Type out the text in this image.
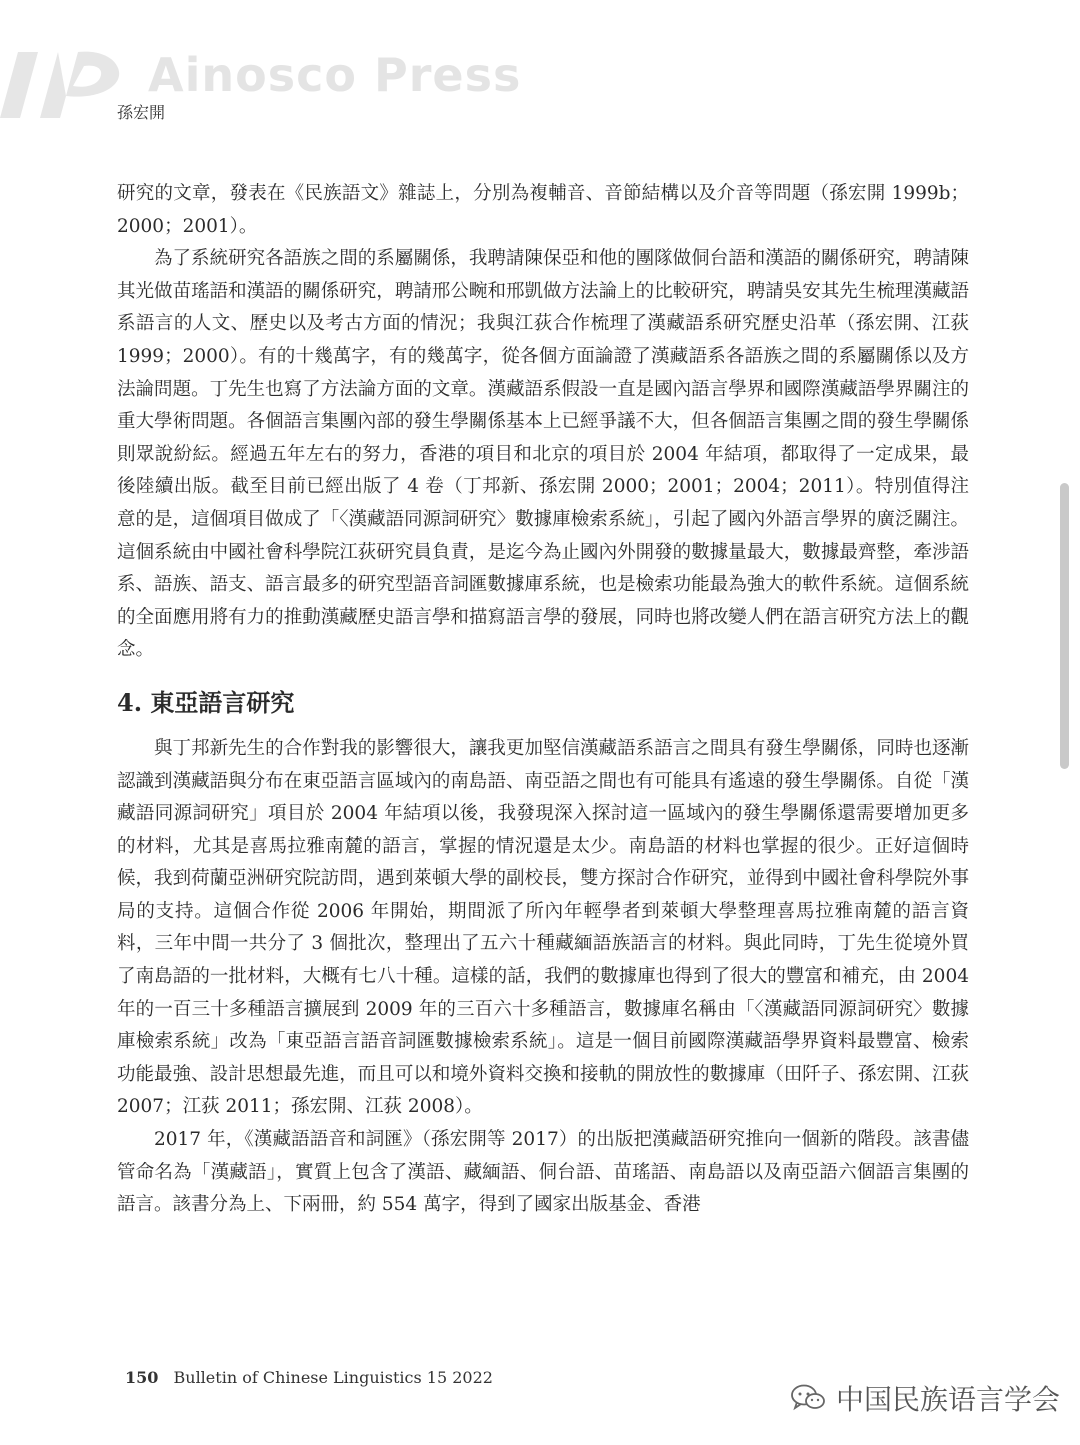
Ainosco Press
孫宏開

研究的文章，發表在《民族語文》雜誌上，分別為複輔音、音節結構以及介音等問題（孫宏開 1999b；2000；2001）。

為了系統研究各語族之間的系屬關係，我聘請陳保亞和他的團隊做侗台語和漢語的關係研究，聘請陳其光做苗瑤語和漢語的關係研究，聘請邢公畹和邢凱做方法論上的比較研究，聘請吳安其先生梳理漢藏語系語言的人文、歷史以及考古方面的情況；我與江荻合作梳理了漢藏語系研究歷史沿革（孫宏開、江荻 1999；2000）。有的十幾萬字，有的幾萬字，從各個方面論證了漢藏語系各語族之間的系屬關係以及方法論問題。丁先生也寫了方法論方面的文章。漢藏語系假設一直是國內語言學界和國際漢藏語學界關注的重大學術問題。各個語言集團內部的發生學關係基本上已經爭議不大，但各個語言集團之間的發生學關係則眾說紛紜。經過五年左右的努力，香港的項目和北京的項目於 2004 年結項，都取得了一定成果，最後陸續出版。截至目前已經出版了 4 卷（丁邦新、孫宏開 2000；2001；2004；2011）。特別值得注意的是，這個項目做成了「〈漢藏語同源詞研究〉數據庫檢索系統」，引起了國內外語言學界的廣泛關注。這個系統由中國社會科學院江荻研究員負責，是迄今為止國內外開發的數據量最大，數據最齊整，牽涉語系、語族、語支、語言最多的研究型語音詞匯數據庫系統，也是檢索功能最為強大的軟件系統。這個系統的全面應用將有力的推動漢藏歷史語言學和描寫語言學的發展，同時也將改變人們在語言研究方法上的觀念。

4. 東亞語言研究

與丁邦新先生的合作對我的影響很大，讓我更加堅信漢藏語系語言之間具有發生學關係，同時也逐漸認識到漢藏語與分布在東亞語言區域內的南島語、南亞語之間也有可能具有遙遠的發生學關係。自從「漢藏語同源詞研究」項目於 2004 年結項以後，我發現深入探討這一區域內的發生學關係還需要增加更多的材料，尤其是喜馬拉雅南麓的語言，掌握的情況還是太少。南島語的材料也掌握的很少。正好這個時候，我到荷蘭亞洲研究院訪問，遇到萊頓大學的副校長，雙方探討合作研究，並得到中國社會科學院外事局的支持。這個合作從 2006 年開始，期間派了所內年輕學者到萊頓大學整理喜馬拉雅南麓的語言資料，三年中間一共分了 3 個批次，整理出了五六十種藏緬語族語言的材料。與此同時，丁先生從境外買了南島語的一批材料，大概有七八十種。這樣的話，我們的數據庫也得到了很大的豐富和補充，由 2004 年的一百三十多種語言擴展到 2009 年的三百六十多種語言，數據庫名稱由「〈漢藏語同源詞研究〉數據庫檢索系統」改為「東亞語言語音詞匯數據檢索系統」。這是一個目前國際漢藏語學界資料最豐富、檢索功能最強、設計思想最先進，而且可以和境外資料交換和接軌的開放性的數據庫（田阡子、孫宏開、江荻 2007；江荻 2011；孫宏開、江荻 2008）。

2017 年，《漢藏語語音和詞匯》（孫宏開等 2017）的出版把漢藏語研究推向一個新的階段。該書儘管命名為「漢藏語」，實質上包含了漢語、藏緬語、侗台語、苗瑤語、南島語以及南亞語六個語言集團的語言。該書分為上、下兩冊，約 554 萬字，得到了國家出版基金、香港

150 Bulletin of Chinese Linguistics 15 2022
中国民族语言学会
